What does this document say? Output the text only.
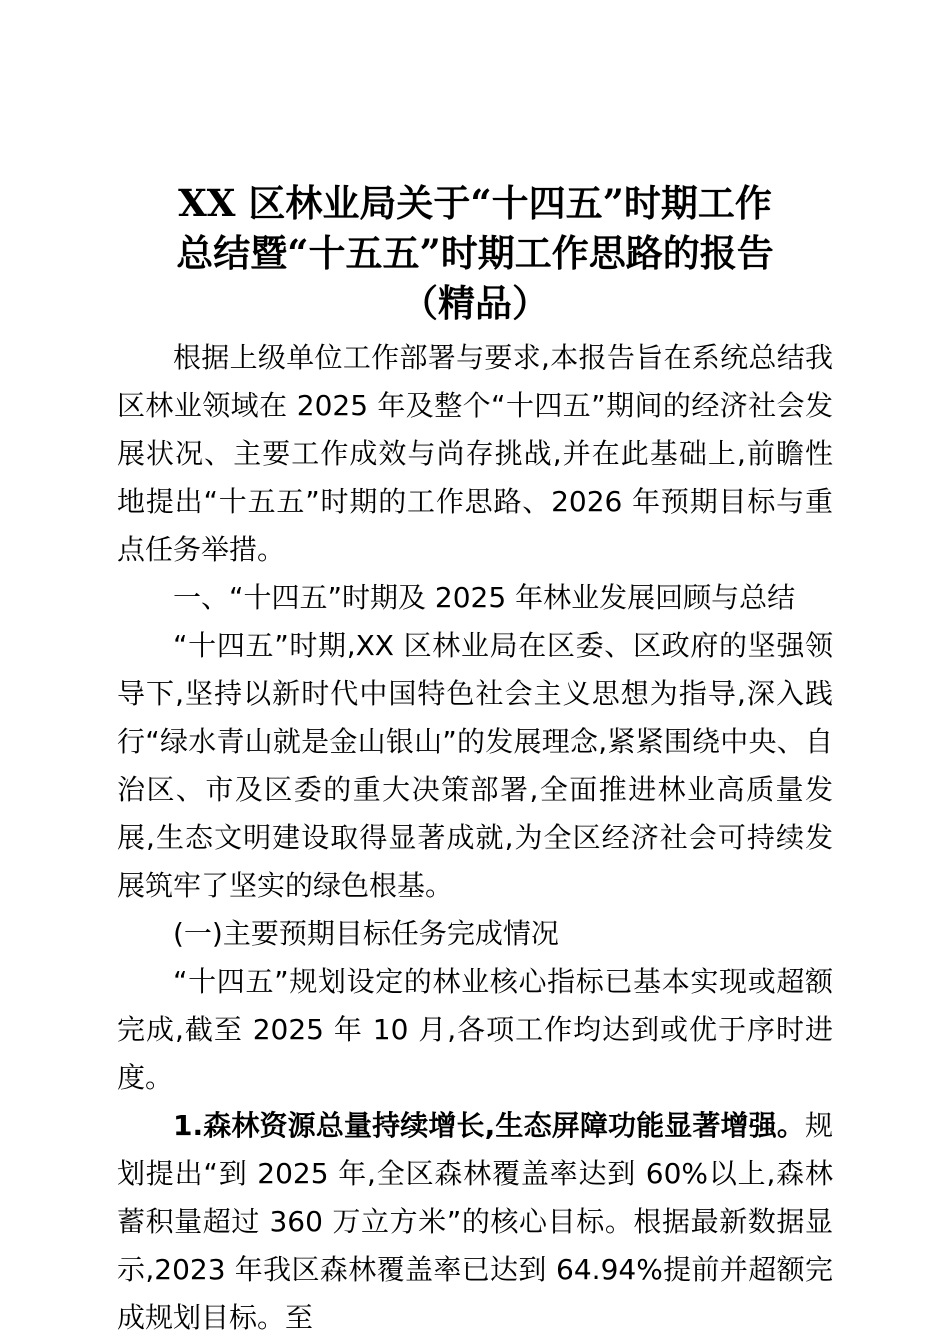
XX 区林业局关于“十四五”时期工作
总结暨“十五五”时期工作思路的报告
（精品）

根据上级单位工作部署与要求,本报告旨在系统总结我区林业领域在 2025 年及整个“十四五”期间的经济社会发展状况、主要工作成效与尚存挑战,并在此基础上,前瞻性地提出“十五五”时期的工作思路、2026 年预期目标与重点任务举措。

一、“十四五”时期及 2025 年林业发展回顾与总结

“十四五”时期,XX 区林业局在区委、区政府的坚强领导下,坚持以新时代中国特色社会主义思想为指导,深入践行“绿水青山就是金山银山”的发展理念,紧紧围绕中央、自治区、市及区委的重大决策部署,全面推进林业高质量发展,生态文明建设取得显著成就,为全区经济社会可持续发展筑牢了坚实的绿色根基。

(一)主要预期目标任务完成情况

“十四五”规划设定的林业核心指标已基本实现或超额完成,截至 2025 年 10 月,各项工作均达到或优于序时进度。

1.森林资源总量持续增长,生态屏障功能显著增强。规划提出“到 2025 年,全区森林覆盖率达到 60%以上,森林蓄积量超过 360 万立方米”的核心目标。根据最新数据显示,2023 年我区森林覆盖率已达到 64.94%提前并超额完成规划目标。至
